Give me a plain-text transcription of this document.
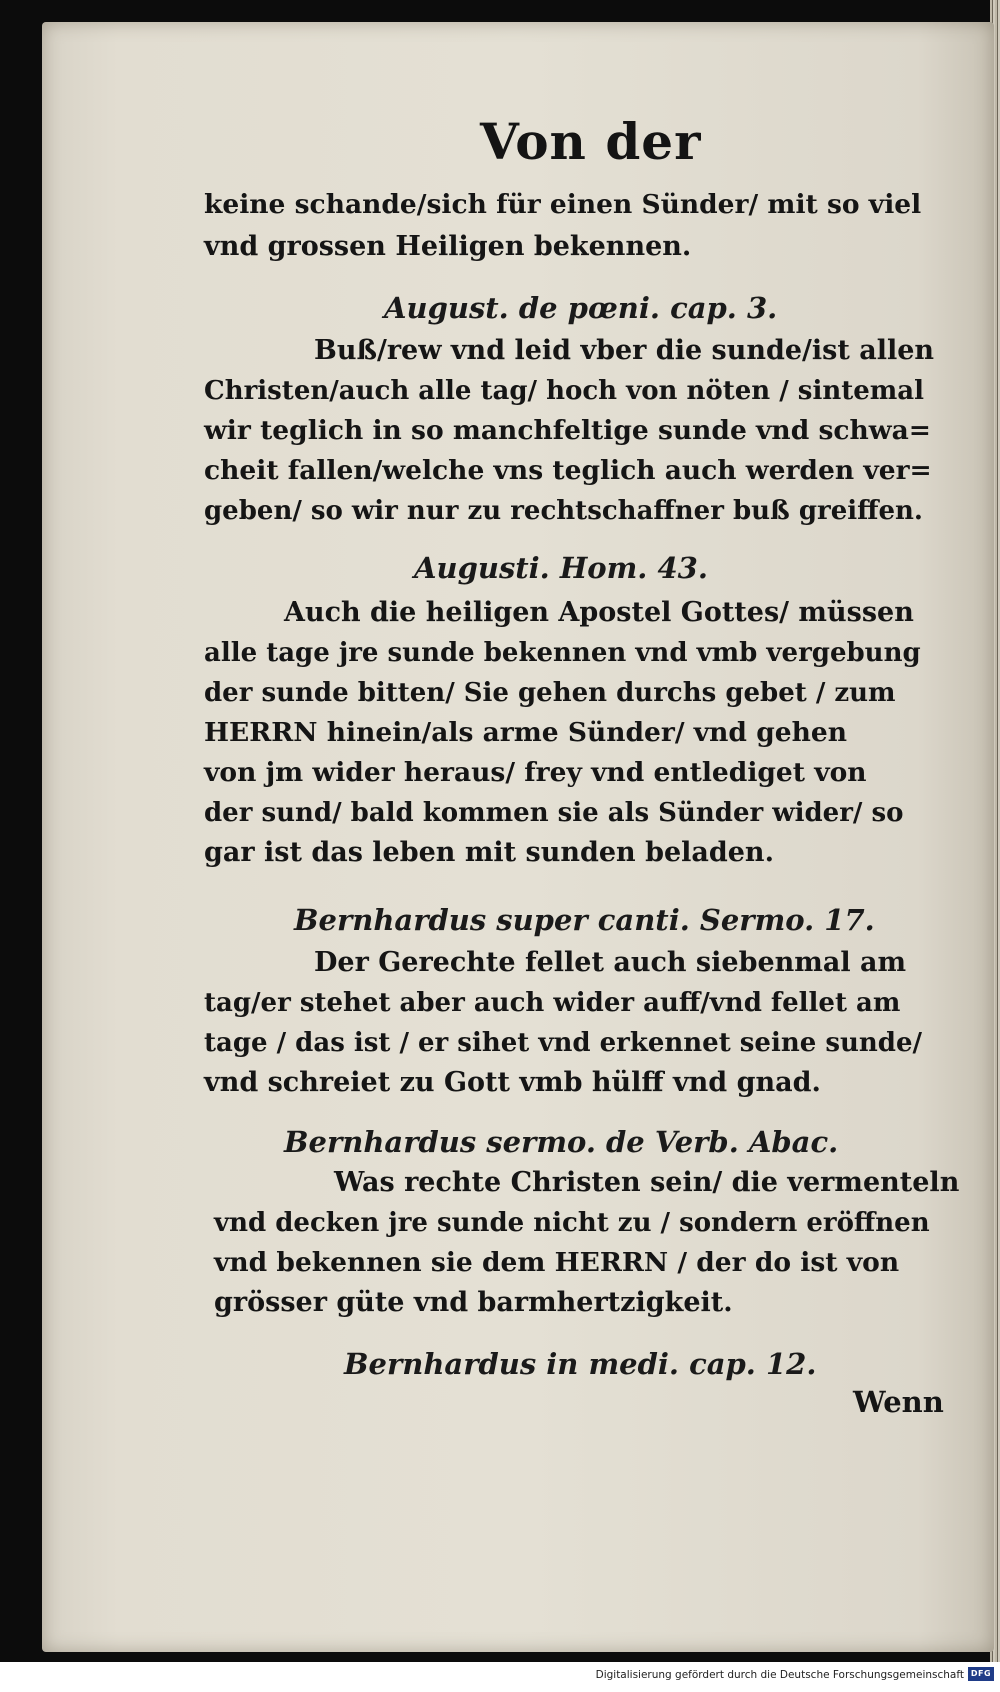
Von der
keine schande/sich für einen Sünder/ mit so viel
vnd grossen Heiligen bekennen.
August. de pœni. cap. 3.
Buß/rew vnd leid vber die sunde/ist allen
Christen/auch alle tag/ hoch von nöten / sintemal
wir teglich in so manchfeltige sunde vnd schwa=
cheit fallen/welche vns teglich auch werden ver=
geben/ so wir nur zu rechtschaffner buß greiffen.
Augusti. Hom. 43.
Auch die heiligen Apostel Gottes/ müssen
alle tage jre sunde bekennen vnd vmb vergebung
der sunde bitten/ Sie gehen durchs gebet / zum
HERRN hinein/als arme Sünder/ vnd gehen
von jm wider heraus/ frey vnd entlediget von
der sund/ bald kommen sie als Sünder wider/ so
gar ist das leben mit sunden beladen.
Bernhardus super canti. Sermo. 17.
Der Gerechte fellet auch siebenmal am
tag/er stehet aber auch wider auff/vnd fellet am
tage / das ist / er sihet vnd erkennet seine sunde/
vnd schreiet zu Gott vmb hülff vnd gnad.
Bernhardus sermo. de Verb. Abac.
Was rechte Christen sein/ die vermenteln
vnd decken jre sunde nicht zu / sondern eröffnen
vnd bekennen sie dem HERRN / der do ist von
grösser güte vnd barmhertzigkeit.
Bernhardus in medi. cap. 12.
Wenn
Digitalisierung gefördert durch die Deutsche Forschungsgemeinschaft DFG
